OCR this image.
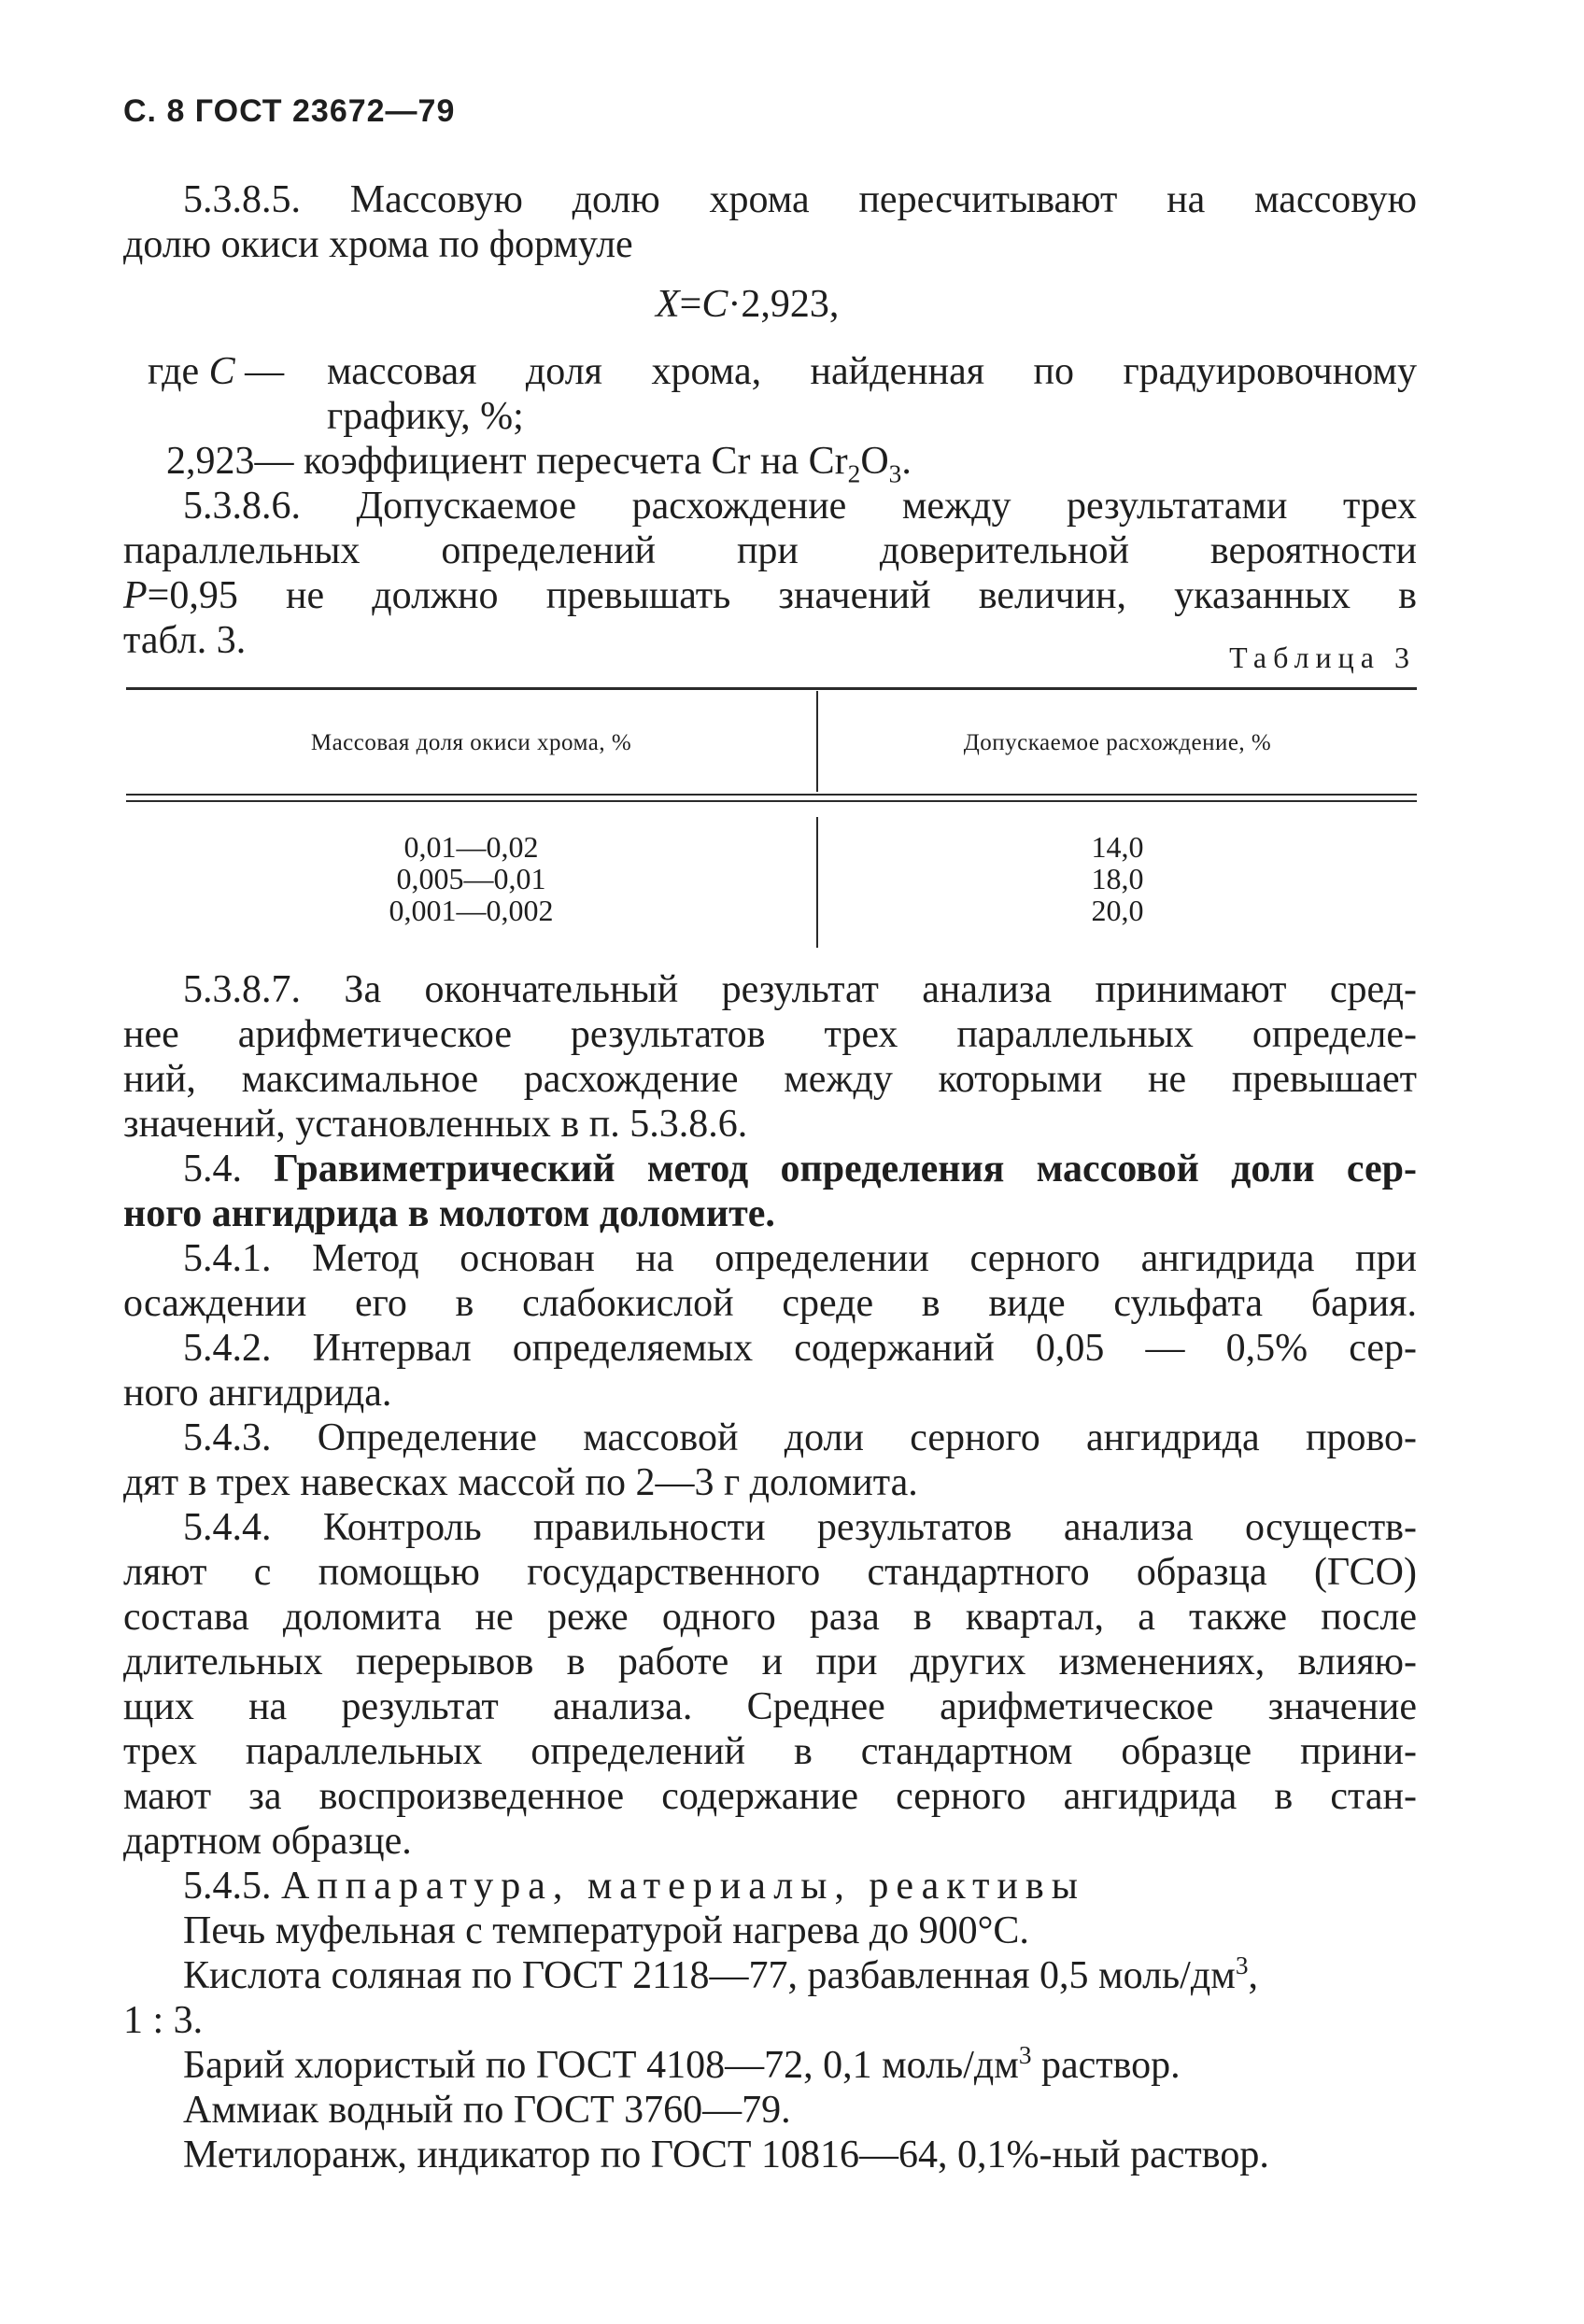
С. 8 ГОСТ 23672—79
5.3.8.5. Массовую долю хрома пересчитывают на массовую
долю окиси хрома по формуле
X=C·2,923,
где C — массовая доля хрома, найденная по градуировочному
графику, %;
2,923— коэффициент пересчета Cr на $Cr_2O_3$.
5.3.8.6. Допускаемое расхождение между результатами трех
параллельных определений при доверительной вероятности
P=0,95 не должно превышать значений величин, указанных в
табл. 3.	Таблица 3
Массовая доля окиси хрома, %	Допускаемое расхождение, %
0,01—0,02	14,0
0,005—0,01	18,0
0,001—0,002	20,0
5.3.8.7. За окончательный результат анализа принимают сред-
нее арифметическое результатов трех параллельных определе-
ний, максимальное расхождение между которыми не превышает
значений, установленных в п. 5.3.8.6.
5.4. Гравиметрический метод определения массовой доли сер-
ного ангидрида в молотом доломите.
5.4.1. Метод основан на определении серного ангидрида при
осаждении его в слабокислой среде в виде сульфата бария.
5.4.2. Интервал определяемых содержаний 0,05 — 0,5% сер-
ного ангидрида.
5.4.3. Определение массовой доли серного ангидрида прово-
дят в трех навесках массой по 2—3 г доломита.
5.4.4. Контроль правильности результатов анализа осуществ-
ляют с помощью государственного стандартного образца (ГСО)
состава доломита не реже одного раза в квартал, а также после
длительных перерывов в работе и при других изменениях, влияю-
щих на результат анализа. Среднее арифметическое значение
трех параллельных определений в стандартном образце прини-
мают за воспроизведенное содержание серного ангидрида в стан-
дартном образце.
5.4.5. Аппаратура, материалы, реактивы
Печь муфельная с температурой нагрева до 900°C.
Кислота соляная по ГОСТ 2118—77, разбавленная 0,5 моль/$дм^3$,
1 : 3.
Барий хлористый по ГОСТ 4108—72, 0,1 моль/$дм^3$ раствор.
Аммиак водный по ГОСТ 3760—79.
Метилоранж, индикатор по ГОСТ 10816—64, 0,1%-ный раствор.
